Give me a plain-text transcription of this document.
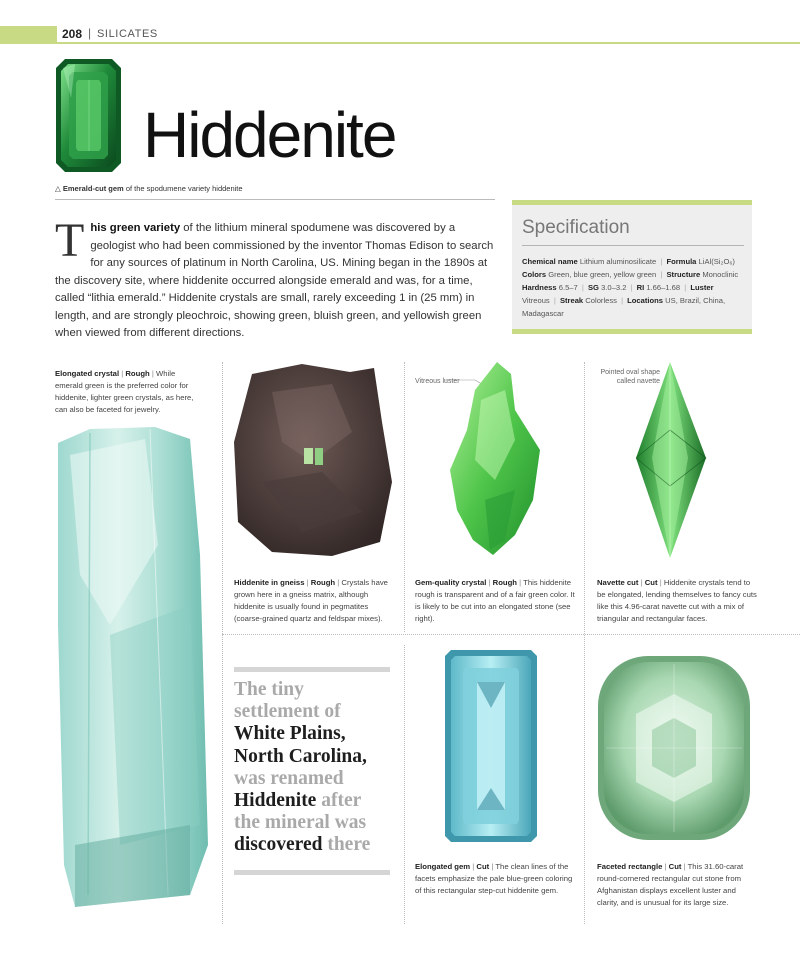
208 | SILICATES
Hiddenite
△ Emerald-cut gem of the spodumene variety hiddenite
This green variety of the lithium mineral spodumene was discovered by a geologist who had been commissioned by the inventor Thomas Edison to search for any sources of platinum in North Carolina, US. Mining began in the 1890s at the discovery site, where hiddenite occurred alongside emerald and was, for a time, called “lithia emerald.” Hiddenite crystals are small, rarely exceeding 1 in (25 mm) in length, and are strongly pleochroic, showing green, bluish green, and yellowish green when viewed from different directions.
Specification
Chemical name Lithium aluminosilicate | Formula LiAl(Si₂O₆)
Colors Green, blue green, yellow green | Structure Monoclinic
Hardness 6.5–7 | SG 3.0–3.2 | RI 1.66–1.68 | Luster
Vitreous | Streak Colorless | Locations US, Brazil, China, Madagascar
Elongated crystal | Rough | While emerald green is the preferred color for hiddenite, lighter green crystals, as here, can also be faceted for jewelry.
Hiddenite in gneiss | Rough | Crystals have grown here in a gneiss matrix, although hiddenite is usually found in pegmatites (coarse-grained quartz and feldspar mixes).
Vitreous luster
Gem-quality crystal | Rough | This hiddenite rough is transparent and of a fair green color. It is likely to be cut into an elongated stone (see right).
Pointed oval shape called navette
Navette cut | Cut | Hiddenite crystals tend to be elongated, lending themselves to fancy cuts like this 4.96-carat navette cut with a mix of triangular and rectangular faces.
The tiny settlement of White Plains, North Carolina, was renamed Hiddenite after the mineral was discovered there
Elongated gem | Cut | The clean lines of the facets emphasize the pale blue-green coloring of this rectangular step-cut hiddenite gem.
Faceted rectangle | Cut | This 31.60-carat round-cornered rectangular cut stone from Afghanistan displays excellent luster and clarity, and is unusual for its large size.
